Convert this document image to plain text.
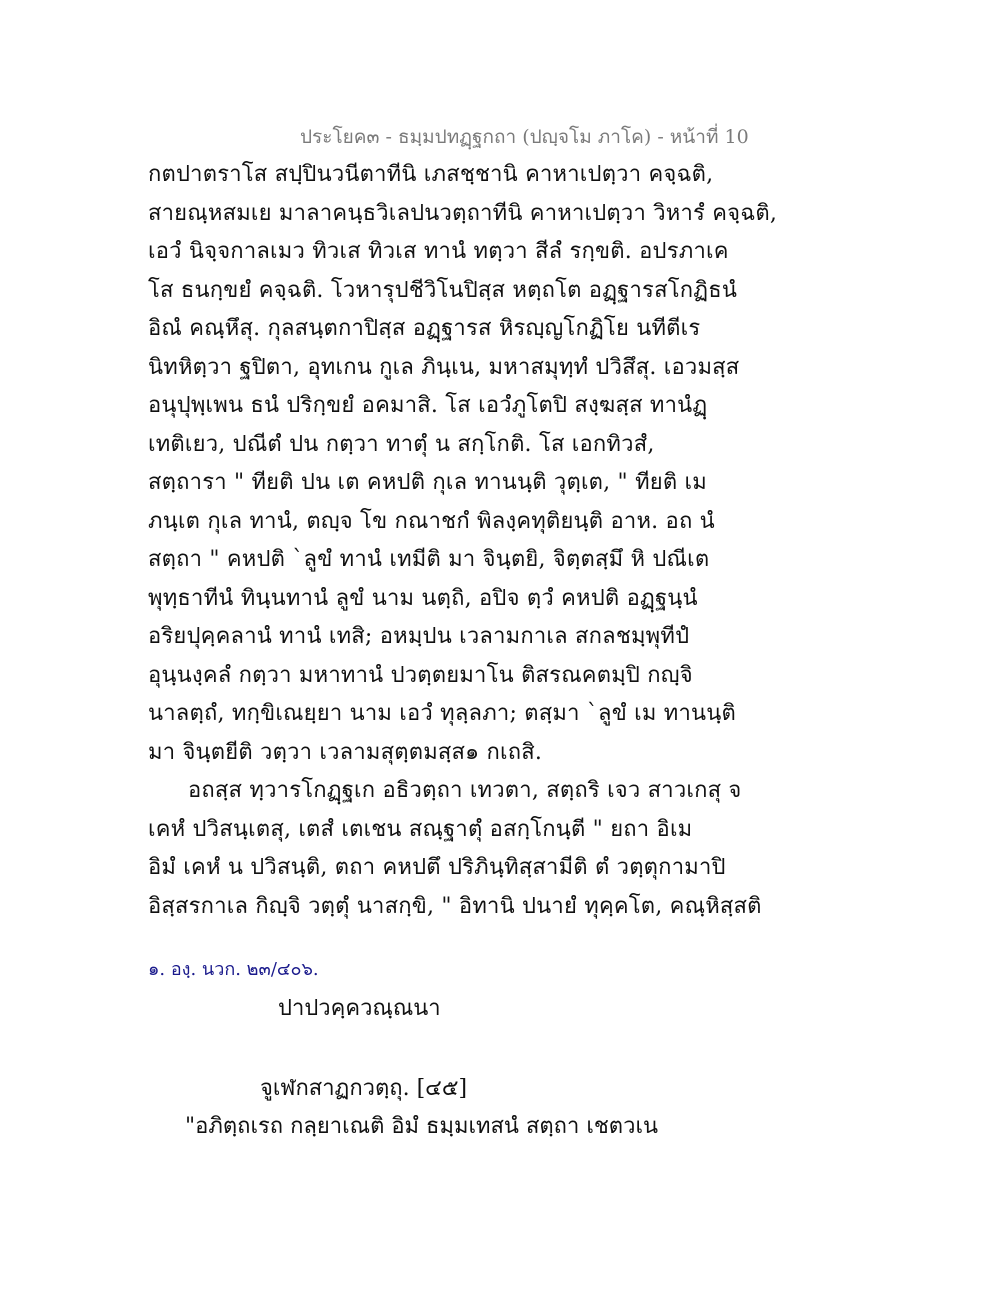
ประโยค๓ - ธมฺมปทฏฺฐกถา (ปญฺจโม ภาโค) - หน้าที่ 10
กตปาตราโส สปฺปินวนีตาทีนิ เภสชฺชานิ คาหาเปตฺวา คจฺฉติ,
สายณฺหสมเย มาลาคนฺธวิเลปนวตฺถาทีนิ คาหาเปตฺวา วิหารํ คจฺฉติ,
เอวํ นิจฺจกาลเมว ทิวเส ทิวเส ทานํ ทตฺวา สีลํ รกฺขติ. อปรภาเค
โส ธนกฺขยํ คจฺฉติ. โวหารุปชีวิโนปิสฺส หตฺถโต อฏฺฐารสโกฏิธนํ
อิณํ คณฺหึสุ. กุลสนฺตกาปิสฺส อฏฺฐารส หิรญฺญโกฏิโย นทีตีเร
นิทหิตฺวา ฐปิตา, อุทเกน กูเล ภินฺเน, มหาสมุทฺทํ ปวิสึสุ. เอวมสฺส
อนุปุพฺเพน ธนํ ปริกฺขยํ อคมาสิ. โส เอวํภูโตปิ สงฺฆสฺส ทานํฏฺ
เทติเยว, ปณีตํ ปน กตฺวา ทาตุํ น สกฺโกติ. โส เอกทิวสํ,
สตฺถารา " ทียติ ปน เต คหปติ กุเล ทานนฺติ วุตฺเต, " ทียติ เม
ภนฺเต กุเล ทานํ, ตญฺจ โข กณาชกํ พิลงฺคทุติยนฺติ อาห. อถ นํ
สตฺถา " คหปติ `ลูขํ ทานํ เทมีติ มา จินฺตยิ, จิตฺตสฺมึ หิ ปณีเต
พุทฺธาทีนํ ทินฺนทานํ ลูขํ นาม นตฺถิ, อปิจ ตฺวํ คหปติ อฏฺฐนฺนํ
อริยปุคฺคลานํ ทานํ เทสิ; อหมฺปน เวลามกาเล สกลชมฺพุทีปํ
อุนฺนงฺคลํ กตฺวา มหาทานํ ปวตฺตยมาโน ติสรณคตมฺปิ กญฺจิ
นาลตฺถํ, ทกฺขิเณยฺยา นาม เอวํ ทุลฺลภา; ตสฺมา `ลูขํ เม ทานนฺติ
มา จินฺตยีติ วตฺวา เวลามสุตฺตมสฺส๑ กเถสิ.
อถสฺส ทฺวารโกฏฺฐเก อธิวตฺถา เทวตา, สตฺถริ เจว สาวเกสุ จ
เคหํ ปวิสนฺเตสุ, เตสํ เตเชน สณฺฐาตุํ อสกฺโกนฺตี " ยถา อิเม
อิมํ เคหํ น ปวิสนฺติ, ตถา คหปตึ ปริภินฺทิสฺสามีติ ตํ วตฺตุกามาปิ
อิสฺสรกาเล กิญฺจิ วตฺตุํ นาสกฺขิ, " อิทานิ ปนายํ ทุคฺคโต, คณฺหิสฺสติ
๑. องฺ. นวก. ๒๓/๔๐๖.
ปาปวคฺควณฺณนา
จูเฬกสาฏกวตฺถุ. [๔๕]
"อภิตฺถเรถ กลฺยาเณติ อิมํ ธมฺมเทสนํ สตฺถา เชตวเน
